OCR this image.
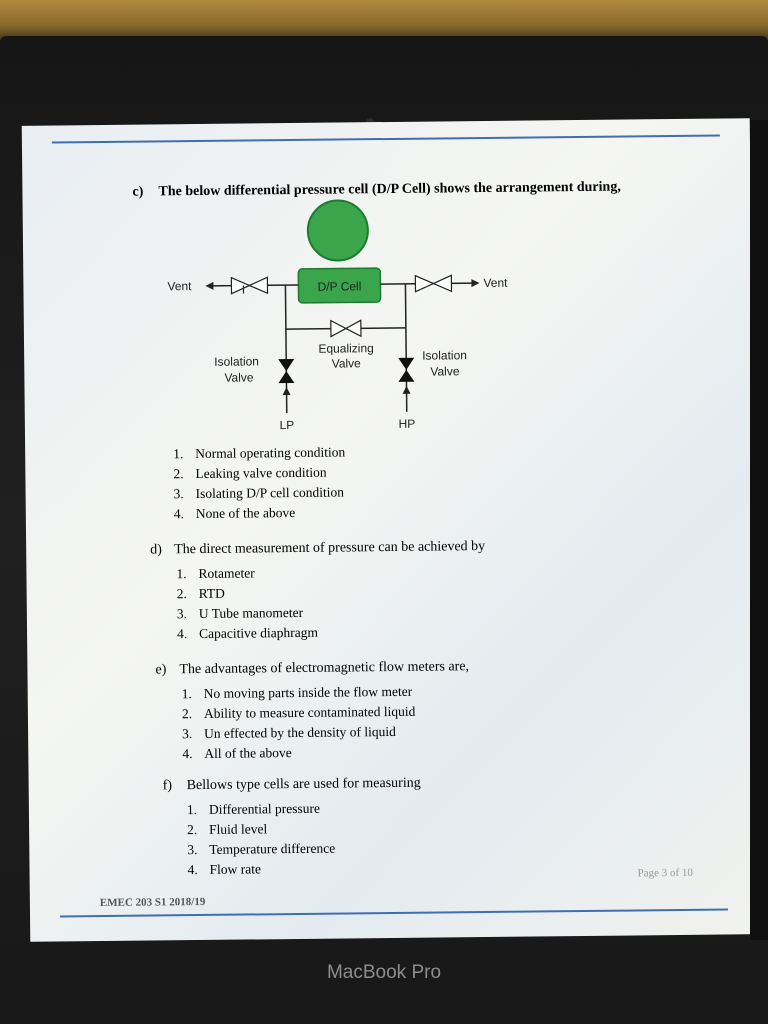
c) The below differential pressure cell (D/P Cell) shows the arrangement during,
D/P Cell
Vent	Vent
Equalizing
Valve
Isolation
Valve
Isolation
Valve
LP	HP
1. Normal operating condition
2. Leaking valve condition
3. Isolating D/P cell condition
4. None of the above
d) The direct measurement of pressure can be achieved by
1. Rotameter
2. RTD
3. U Tube manometer
4. Capacitive diaphragm
e) The advantages of electromagnetic flow meters are,
1. No moving parts inside the flow meter
2. Ability to measure contaminated liquid
3. Un effected by the density of liquid
4. All of the above
f) Bellows type cells are used for measuring
1. Differential pressure
2. Fluid level
3. Temperature difference
4. Flow rate	Page 3 of 10
EMEC 203 S1 2018/19
MacBook Pro
